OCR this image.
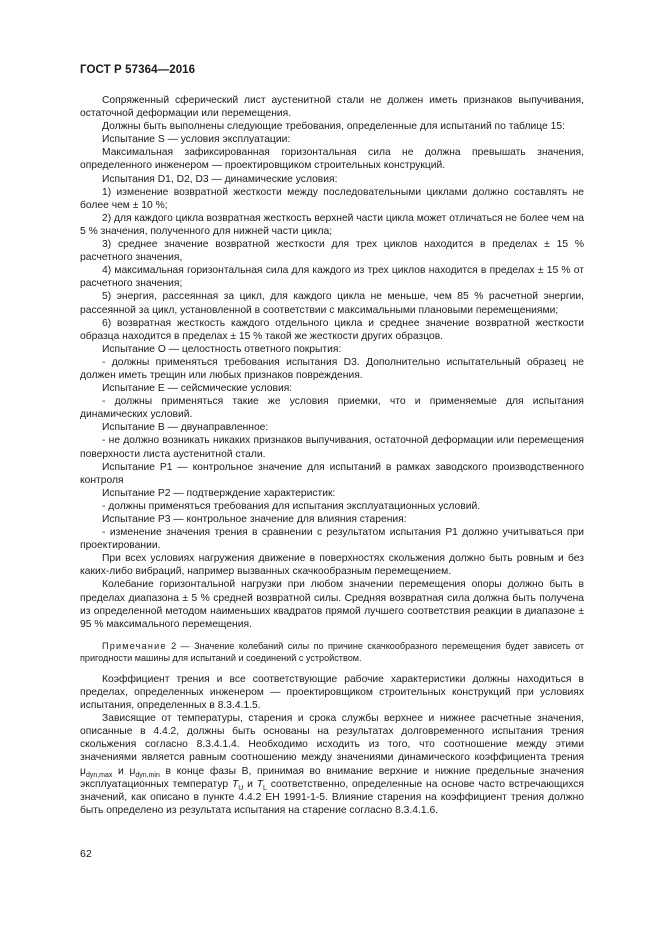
ГОСТ Р 57364—2016

Сопряженный сферический лист аустенитной стали не должен иметь признаков выпучивания, остаточной деформации или перемещения.

Должны быть выполнены следующие требования, определенные для испытаний по таблице 15:

Испытание S — условия эксплуатации:

Максимальная зафиксированная горизонтальная сила не должна превышать значения, определенного инженером — проектировщиком строительных конструкций.

Испытания D1, D2, D3 — динамические условия:

1) изменение возвратной жесткости между последовательными циклами должно составлять не более чем ± 10 %;

2) для каждого цикла возвратная жесткость верхней части цикла может отличаться не более чем на 5 % значения, полученного для нижней части цикла;

3) среднее значение возвратной жесткости для трех циклов находится в пределах ± 15 % расчетного значения,

4) максимальная горизонтальная сила для каждого из трех циклов находится в пределах ± 15 % от расчетного значения;

5) энергия, рассеянная за цикл, для каждого цикла не меньше, чем 85 % расчетной энергии, рассеянной за цикл, установленной в соответствии с максимальными плановыми перемещениями;

6) возвратная жесткость каждого отдельного цикла и среднее значение возвратной жесткости образца находится в пределах ± 15 % такой же жесткости других образцов.

Испытание О — целостность ответного покрытия:

- должны применяться требования испытания D3. Дополнительно испытательный образец не должен иметь трещин или любых признаков повреждения.

Испытание Е — сейсмические условия:

- должны применяться такие же условия приемки, что и применяемые для испытания динамических условий.

Испытание В — двунаправленное:

- не должно возникать никаких признаков выпучивания, остаточной деформации или перемещения поверхности листа аустенитной стали.

Испытание Р1 — контрольное значение для испытаний в рамках заводского производственного контроля

Испытание Р2 — подтверждение характеристик:

- должны применяться требования для испытания эксплуатационных условий.

Испытание Р3 — контрольное значение для влияния старения:

- изменение значения трения в сравнении с результатом испытания Р1 должно учитываться при проектировании.

При всех условиях нагружения движение в поверхностях скольжения должно быть ровным и без каких-либо вибраций, например вызванных скачкообразным перемещением.

Колебание горизонтальной нагрузки при любом значении перемещения опоры должно быть в пределах диапазона ± 5 % средней возвратной силы. Средняя возвратная сила должна быть получена из определенной методом наименьших квадратов прямой лучшего соответствия реакции в диапазоне ± 95 % максимального перемещения.

Примечание 2 — Значение колебаний силы по причине скачкообразного перемещения будет зависеть от пригодности машины для испытаний и соединений с устройством.

Коэффициент трения и все соответствующие рабочие характеристики должны находиться в пределах, определенных инженером — проектировщиком строительных конструкций при условиях испытания, определенных в 8.3.4.1.5.

Зависящие от температуры, старения и срока службы верхнее и нижнее расчетные значения, описанные в 4.4.2, должны быть основаны на результатах долговременного испытания трения скольжения согласно 8.3.4.1.4. Необходимо исходить из того, что соотношение между этими значениями является равным соотношению между значениями динамического коэффициента трения $\mu_{dyn,max}$ и $\mu_{dyn,min}$ в конце фазы В, принимая во внимание верхние и нижние предельные значения эксплуатационных температур $T_U$ и $T_L$ соответственно, определенные на основе часто встречающихся значений, как описано в пункте 4.4.2 ЕН 1991-1-5. Влияние старения на коэффициент трения должно быть определено из результата испытания на старение согласно 8.3.4.1.6.

62
